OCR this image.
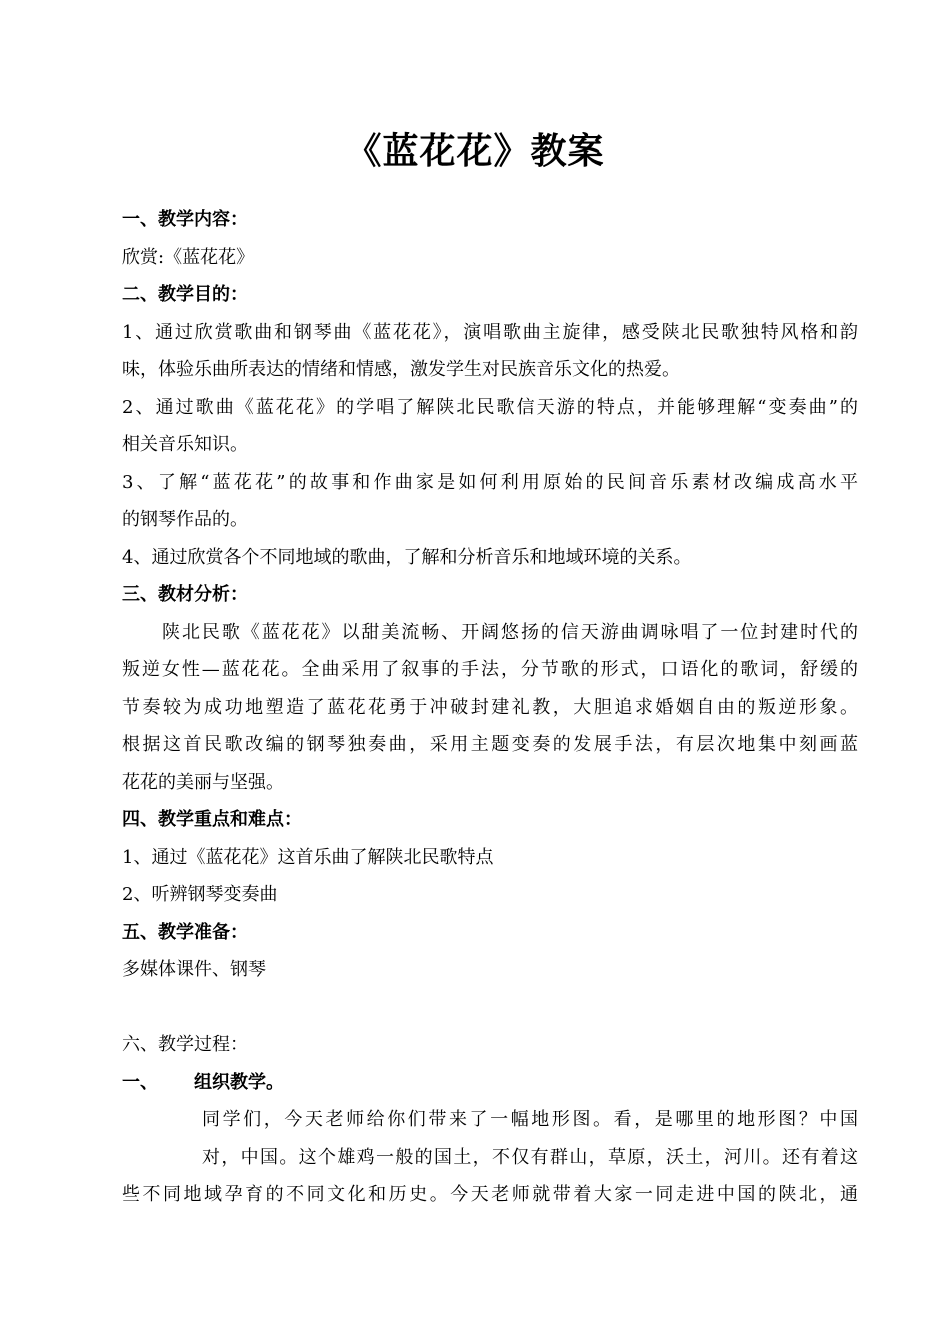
《蓝花花》教案
一、教学内容：
欣赏:《蓝花花》
二、教学目的：
1、通过欣赏歌曲和钢琴曲《蓝花花》，演唱歌曲主旋律，感受陕北民歌独特风格和韵
味，体验乐曲所表达的情绪和情感，激发学生对民族音乐文化的热爱。
2、通过歌曲《蓝花花》的学唱了解陕北民歌信天游的特点，并能够理解“变奏曲”的
相关音乐知识。
3、了解“蓝花花”的故事和作曲家是如何利用原始的民间音乐素材改编成高水平
的钢琴作品的。
4、通过欣赏各个不同地域的歌曲，了解和分析音乐和地域环境的关系。
三、教材分析：
陕北民歌《蓝花花》以甜美流畅、开阔悠扬的信天游曲调咏唱了一位封建时代的
叛逆女性—蓝花花。全曲采用了叙事的手法，分节歌的形式，口语化的歌词，舒缓的
节奏较为成功地塑造了蓝花花勇于冲破封建礼教，大胆追求婚姻自由的叛逆形象。
根据这首民歌改编的钢琴独奏曲，采用主题变奏的发展手法，有层次地集中刻画蓝
花花的美丽与坚强。
四、教学重点和难点：
1、通过《蓝花花》这首乐曲了解陕北民歌特点
2、听辨钢琴变奏曲
五、教学准备：
多媒体课件、钢琴
六、教学过程：
一、	组织教学。
同学们，今天老师给你们带来了一幅地形图。看，是哪里的地形图？中国
对，中国。这个雄鸡一般的国土，不仅有群山，草原，沃土，河川。还有着这
些不同地域孕育的不同文化和历史。今天老师就带着大家一同走进中国的陕北，通
